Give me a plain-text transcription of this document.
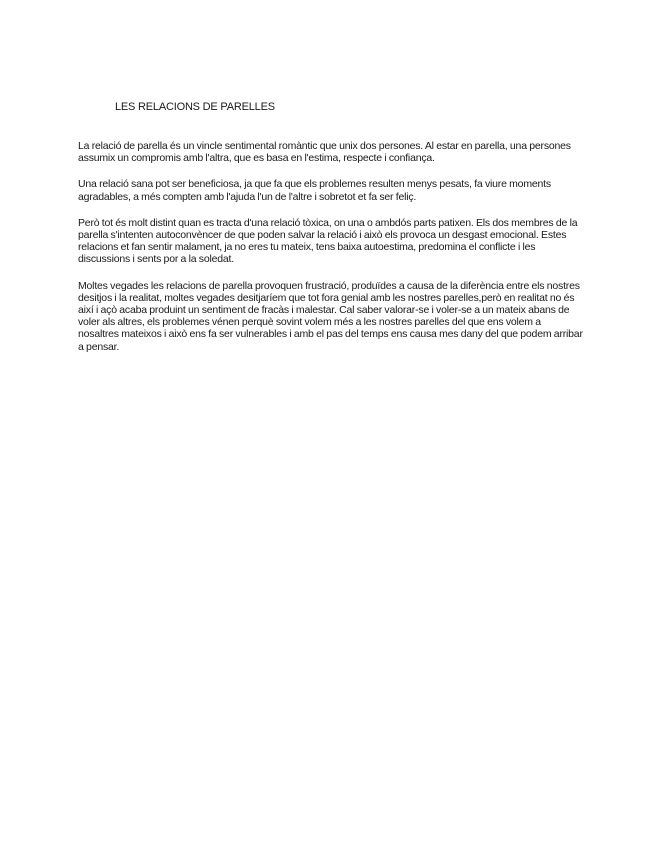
LES RELACIONS DE PARELLES

La relació de parella és un vincle sentimental romàntic que unix dos persones. Al estar en parella, una persones assumix un compromis amb l'altra, que es basa en l'estima, respecte i confiança.

Una relació sana pot ser beneficiosa, ja que fa que els problemes resulten menys pesats, fa viure moments agradables, a més compten amb l'ajuda l'un de l'altre i sobretot et fa ser feliç.

Però tot és molt distint quan es tracta d'una relació tòxica, on una o ambdós parts patixen. Els dos membres de la parella s'intenten autoconvèncer de que poden salvar la relació i això els provoca un desgast emocional. Estes relacions et fan sentir malament, ja no eres tu mateix, tens baixa autoestima, predomina el conflicte i les discussions i sents por a la soledat.

Moltes vegades les relacions de parella provoquen frustració, produïdes a causa de la diferència entre els nostres desitjos i la realitat, moltes vegades desitjaríem que tot fora genial amb les nostres parelles,però en realitat no és així i açò acaba produint un sentiment de fracàs i malestar. Cal saber valorar-se i voler-se a un mateix abans de voler als altres, els problemes vénen perquè sovint volem més a les nostres parelles del que ens volem a nosaltres mateixos i això ens fa ser vulnerables i amb el pas del temps ens causa mes dany del que podem arribar a pensar.
